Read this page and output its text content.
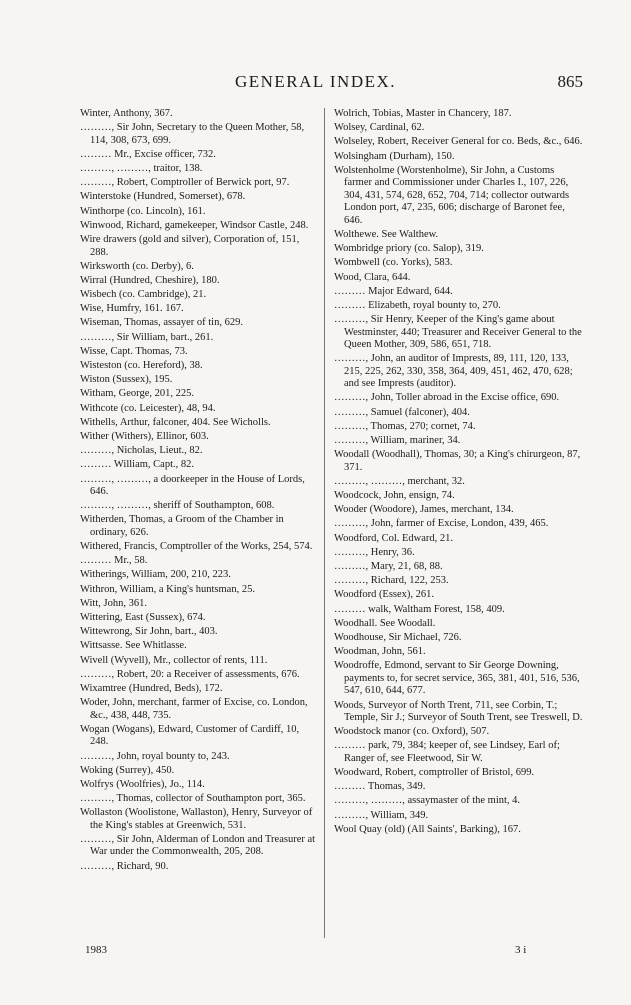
GENERAL INDEX.	865
Winter, Anthony, 367.
………, Sir John, Secretary to the Queen Mother, 58, 114, 308, 673, 699.
……… Mr., Excise officer, 732.
………, ………, traitor, 138.
………, Robert, Comptroller of Berwick port, 97.
Winterstoke (Hundred, Somerset), 678.
Winthorpe (co. Lincoln), 161.
Winwood, Richard, gamekeeper, Windsor Castle, 248.
Wire drawers (gold and silver), Corporation of, 151, 288.
Wirksworth (co. Derby), 6.
Wirral (Hundred, Cheshire), 180.
Wisbech (co. Cambridge), 21.
Wise, Humfry, 161. 167.
Wiseman, Thomas, assayer of tin, 629.
………, Sir William, bart., 261.
Wisse, Capt. Thomas, 73.
Wisteston (co. Hereford), 38.
Wiston (Sussex), 195.
Witham, George, 201, 225.
Withcote (co. Leicester), 48, 94.
Withells, Arthur, falconer, 404. See Wicholls.
Wither (Withers), Ellinor, 603.
………, Nicholas, Lieut., 82.
……… William, Capt., 82.
………, ………, a doorkeeper in the House of Lords, 646.
………, ………, sheriff of Southampton, 608.
Witherden, Thomas, a Groom of the Chamber in ordinary, 626.
Withered, Francis, Comptroller of the Works, 254, 574.
……… Mr., 58.
Witherings, William, 200, 210, 223.
Withron, William, a King's huntsman, 25.
Witt, John, 361.
Wittering, East (Sussex), 674.
Wittewrong, Sir John, bart., 403.
Wittsasse. See Whitlasse.
Wivell (Wyvell), Mr., collector of rents, 111.
………, Robert, 20: a Receiver of assessments, 676.
Wixamtree (Hundred, Beds), 172.
Woder, John, merchant, farmer of Excise, co. London, &c., 438, 448, 735.
Wogan (Wogans), Edward, Customer of Cardiff, 10, 248.
………, John, royal bounty to, 243.
Woking (Surrey), 450.
Wolfrys (Woolfries), Jo., 114.
………, Thomas, collector of Southampton port, 365.
Wollaston (Woolistone, Wallaston), Henry, Surveyor of the King's stables at Greenwich, 531.
………, Sir John, Alderman of London and Treasurer at War under the Commonwealth, 205, 208.
………, Richard, 90.
Wolrich, Tobias, Master in Chancery, 187.
Wolsey, Cardinal, 62.
Wolseley, Robert, Receiver General for co. Beds, &c., 646.
Wolsingham (Durham), 150.
Wolstenholme (Worstenholme), Sir John, a Customs farmer and Commissioner under Charles I., 107, 226, 304, 431, 574, 628, 652, 704, 714; collector outwards London port, 47, 235, 606; discharge of Baronet fee, 646.
Wolthewe. See Walthew.
Wombridge priory (co. Salop), 319.
Wombwell (co. Yorks), 583.
Wood, Clara, 644.
……… Major Edward, 644.
……… Elizabeth, royal bounty to, 270.
………, Sir Henry, Keeper of the King's game about Westminster, 440; Treasurer and Receiver General to the Queen Mother, 309, 586, 651, 718.
………, John, an auditor of Imprests, 89, 111, 120, 133, 215, 225, 262, 330, 358, 364, 409, 451, 462, 470, 628; and see Imprests (auditor).
………, John, Toller abroad in the Excise office, 690.
………, Samuel (falconer), 404.
………, Thomas, 270; cornet, 74.
………, William, mariner, 34.
Woodall (Woodhall), Thomas, 30; a King's chirurgeon, 87, 371.
………, ………, merchant, 32.
Woodcock, John, ensign, 74.
Wooder (Woodore), James, merchant, 134.
………, John, farmer of Excise, London, 439, 465.
Woodford, Col. Edward, 21.
………, Henry, 36.
………, Mary, 21, 68, 88.
………, Richard, 122, 253.
Woodford (Essex), 261.
……… walk, Waltham Forest, 158, 409.
Woodhall. See Woodall.
Woodhouse, Sir Michael, 726.
Woodman, John, 561.
Woodroffe, Edmond, servant to Sir George Downing, payments to, for secret service, 365, 381, 401, 516, 536, 547, 610, 644, 677.
Woods, Surveyor of North Trent, 711, see Corbin, T.; Temple, Sir J.; Surveyor of South Trent, see Treswell, D.
Woodstock manor (co. Oxford), 507.
……… park, 79, 384; keeper of, see Lindsey, Earl of; Ranger of, see Fleetwood, Sir W.
Woodward, Robert, comptroller of Bristol, 699.
……… Thomas, 349.
………, ………, assaymaster of the mint, 4.
………, William, 349.
Wool Quay (old) (All Saints', Barking), 167.
1983	3 i
